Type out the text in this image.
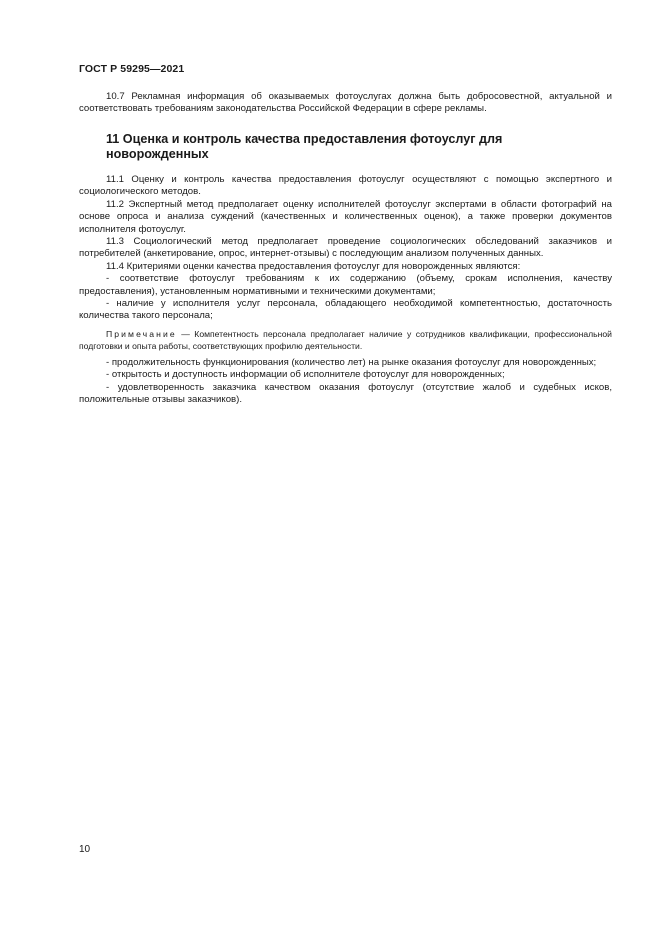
ГОСТ Р 59295—2021

10.7 Рекламная информация об оказываемых фотоуслугах должна быть добросовестной, актуальной и соответствовать требованиям законодательства Российской Федерации в сфере рекламы.

11 Оценка и контроль качества предоставления фотоуслуг для новорожденных

11.1 Оценку и контроль качества предоставления фотоуслуг осуществляют с помощью экспертного и социологического методов.

11.2 Экспертный метод предполагает оценку исполнителей фотоуслуг экспертами в области фотографий на основе опроса и анализа суждений (качественных и количественных оценок), а также проверки документов исполнителя фотоуслуг.

11.3 Социологический метод предполагает проведение социологических обследований заказчиков и потребителей (анкетирование, опрос, интернет-отзывы) с последующим анализом полученных данных.

11.4 Критериями оценки качества предоставления фотоуслуг для новорожденных являются:

- соответствие фотоуслуг требованиям к их содержанию (объему, срокам исполнения, качеству предоставления), установленным нормативными и техническими документами;

- наличие у исполнителя услуг персонала, обладающего необходимой компетентностью, достаточность количества такого персонала;

Примечание — Компетентность персонала предполагает наличие у сотрудников квалификации, профессиональной подготовки и опыта работы, соответствующих профилю деятельности.

- продолжительность функционирования (количество лет) на рынке оказания фотоуслуг для новорожденных;

- открытость и доступность информации об исполнителе фотоуслуг для новорожденных;

- удовлетворенность заказчика качеством оказания фотоуслуг (отсутствие жалоб и судебных исков, положительные отзывы заказчиков).

10
